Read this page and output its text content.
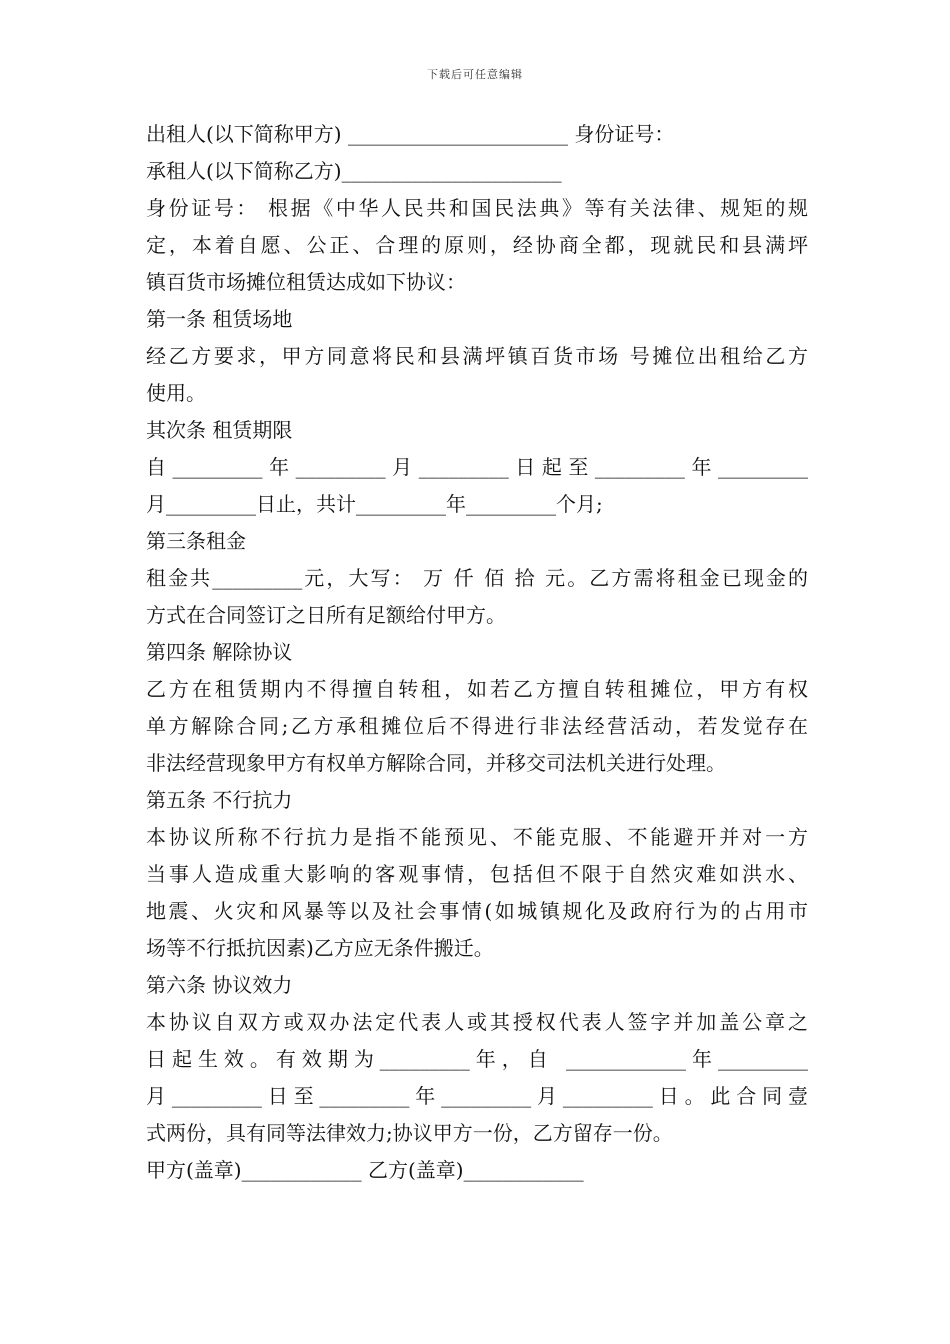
下载后可任意编辑
出租人(以下简称甲方) ______________________ 身份证号：
承租人(以下简称乙方)______________________
身份证号： 根据《中华人民共和国民法典》等有关法律、规矩的规
定，本着自愿、公正、合理的原则，经协商全都，现就民和县满坪
镇百货市场摊位租赁达成如下协议：
第一条 租赁场地
经乙方要求，甲方同意将民和县满坪镇百货市场 号摊位出租给乙方
使用。
其次条 租赁期限
自_________年_________月_________日起至_________年_________
月_________日止，共计_________年_________个月;
第三条租金
租金共_________元，大写： 万 仟 佰 拾 元。乙方需将租金已现金的
方式在合同签订之日所有足额给付甲方。
第四条 解除协议
乙方在租赁期内不得擅自转租，如若乙方擅自转租摊位，甲方有权
单方解除合同;乙方承租摊位后不得进行非法经营活动，若发觉存在
非法经营现象甲方有权单方解除合同，并移交司法机关进行处理。
第五条 不行抗力
本协议所称不行抗力是指不能预见、不能克服、不能避开并对一方
当事人造成重大影响的客观事情，包括但不限于自然灾难如洪水、
地震、火灾和风暴等以及社会事情(如城镇规化及政府行为的占用市
场等不行抵抗因素)乙方应无条件搬迁。
第六条 协议效力
本协议自双方或双办法定代表人或其授权代表人签字并加盖公章之
日起生效。有效期为_________年，自 ____________年_________
月_________日至_________年_________月_________日。此合同壹
式两份，具有同等法律效力;协议甲方一份，乙方留存一份。
甲方(盖章)____________ 乙方(盖章)____________
